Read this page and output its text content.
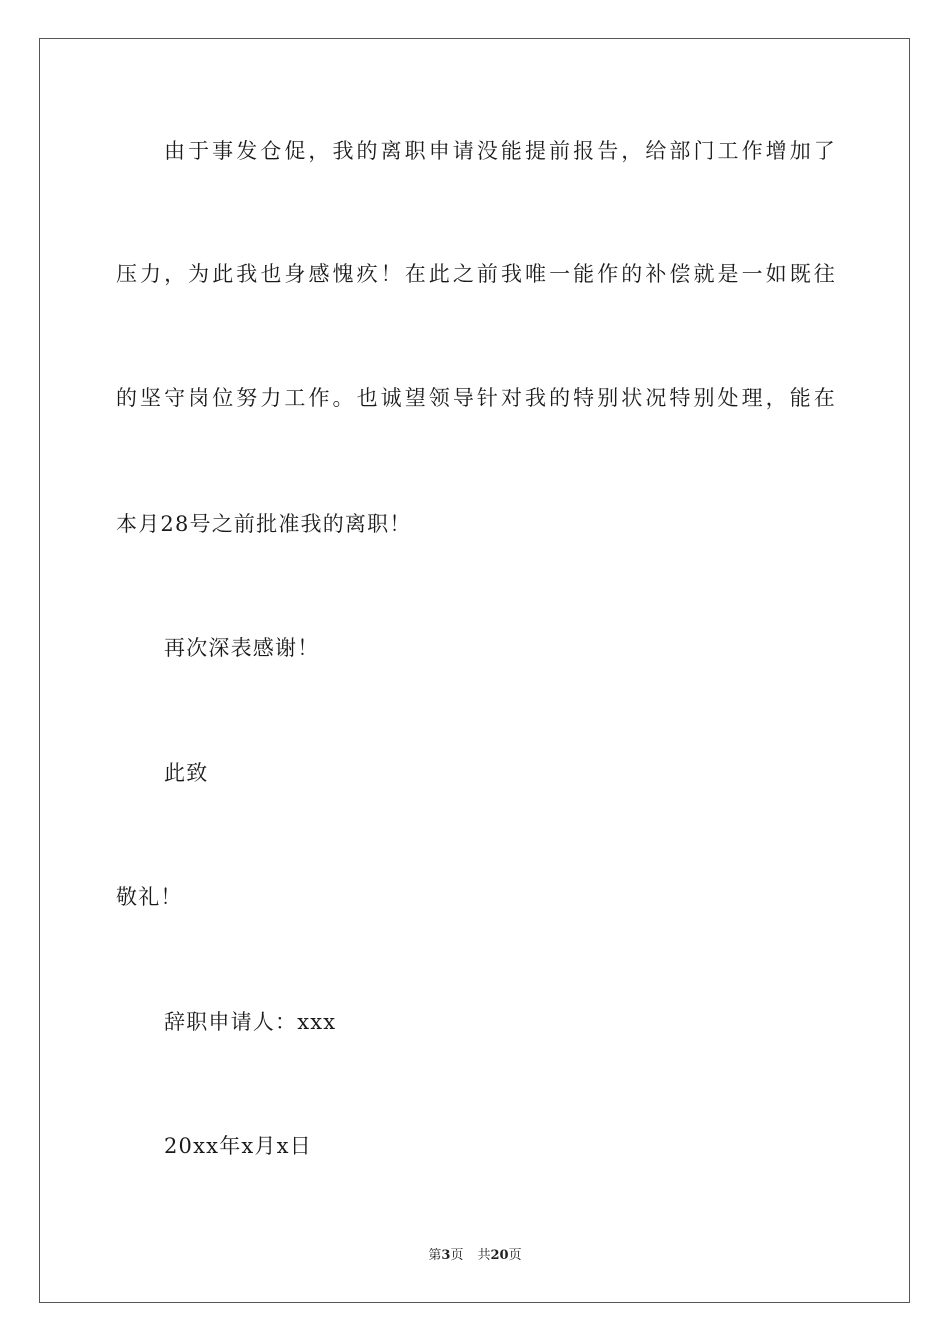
由于事发仓促，我的离职申请没能提前报告，给部门工作增加了
压力，为此我也身感愧疚！在此之前我唯一能作的补偿就是一如既往
的坚守岗位努力工作。也诚望领导针对我的特别状况特别处理，能在
本月28号之前批准我的离职！
再次深表感谢！
此致
敬礼！
辞职申请人：xxx
20xx年x月x日
第3页 共20页
